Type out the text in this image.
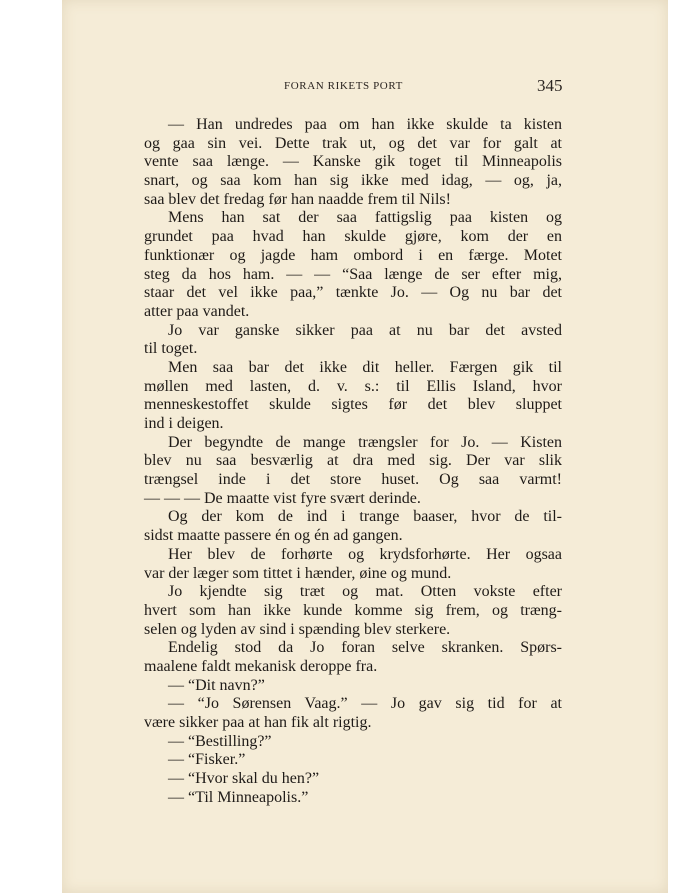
FORAN RIKETS PORT	345
— Han undredes paa om han ikke skulde ta kisten
og gaa sin vei. Dette trak ut, og det var for galt at
vente saa længe. — Kanske gik toget til Minneapolis
snart, og saa kom han sig ikke med idag, — og, ja,
saa blev det fredag før han naadde frem til Nils!
Mens han sat der saa fattigslig paa kisten og
grundet paa hvad han skulde gjøre, kom der en
funktionær og jagde ham ombord i en færge. Motet
steg da hos ham. — — “Saa længe de ser efter mig,
staar det vel ikke paa,” tænkte Jo. — Og nu bar det
atter paa vandet.
Jo var ganske sikker paa at nu bar det avsted
til toget.
Men saa bar det ikke dit heller. Færgen gik til
møllen med lasten, d. v. s.: til Ellis Island, hvor
menneskestoffet skulde sigtes før det blev sluppet
ind i deigen.
Der begyndte de mange trængsler for Jo. — Kisten
blev nu saa besværlig at dra med sig. Der var slik
trængsel inde i det store huset. Og saa varmt!
— — — De maatte vist fyre svært derinde.
Og der kom de ind i trange baaser, hvor de til-
sidst maatte passere én og én ad gangen.
Her blev de forhørte og krydsforhørte. Her ogsaa
var der læger som tittet i hænder, øine og mund.
Jo kjendte sig træt og mat. Otten vokste efter
hvert som han ikke kunde komme sig frem, og træng-
selen og lyden av sind i spænding blev sterkere.
Endelig stod da Jo foran selve skranken. Spørs-
maalene faldt mekanisk deroppe fra.
— “Dit navn?”
— “Jo Sørensen Vaag.” — Jo gav sig tid for at
være sikker paa at han fik alt rigtig.
— “Bestilling?”
— “Fisker.”
— “Hvor skal du hen?”
— “Til Minneapolis.”
